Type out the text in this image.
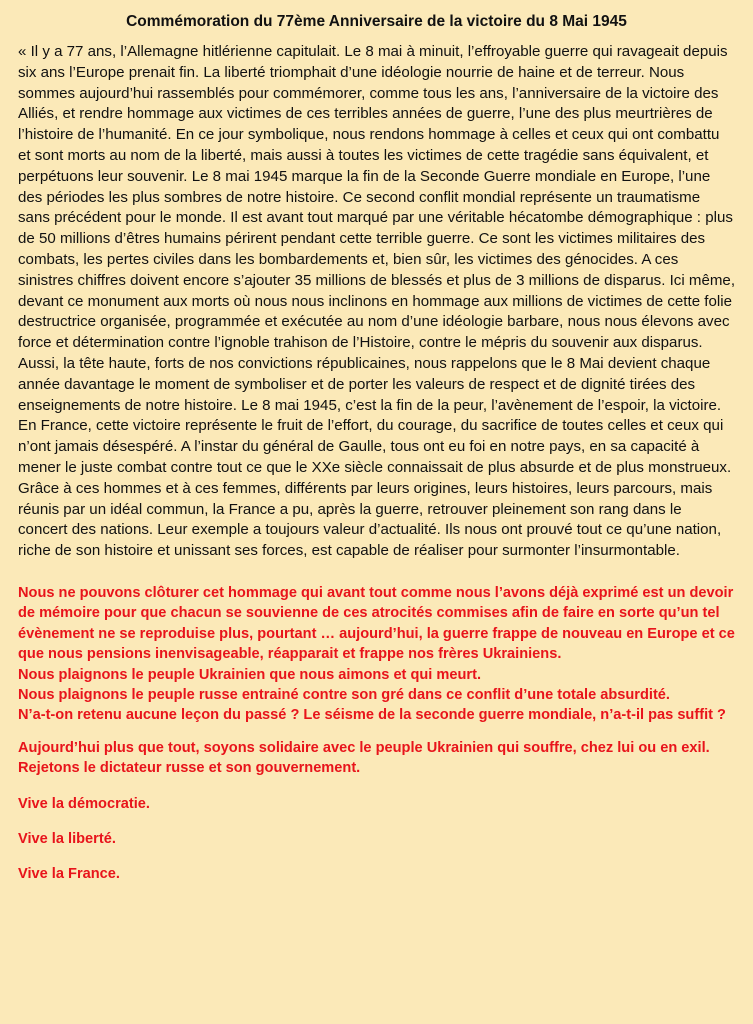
Commémoration du 77ème Anniversaire de la victoire du 8 Mai 1945

« Il y a 77 ans, l’Allemagne hitlérienne capitulait. Le 8 mai à minuit, l’effroyable guerre qui ravageait depuis six ans l’Europe prenait fin. La liberté triomphait d’une idéologie nourrie de haine et de terreur. Nous sommes aujourd’hui rassemblés pour commémorer, comme tous les ans, l’anniversaire de la victoire des Alliés, et rendre hommage aux victimes de ces terribles années de guerre, l’une des plus meurtrières de l’histoire de l’humanité. En ce jour symbolique, nous rendons hommage à celles et ceux qui ont combattu et sont morts au nom de la liberté, mais aussi à toutes les victimes de cette tragédie sans équivalent, et perpétuons leur souvenir. Le 8 mai 1945 marque la fin de la Seconde Guerre mondiale en Europe, l’une des périodes les plus sombres de notre histoire. Ce second conflit mondial représente un traumatisme sans précédent pour le monde. Il est avant tout marqué par une véritable hécatombe démographique : plus de 50 millions d’êtres humains périrent pendant cette terrible guerre. Ce sont les victimes militaires des combats, les pertes civiles dans les bombardements et, bien sûr, les victimes des génocides. A ces sinistres chiffres doivent encore s’ajouter 35 millions de blessés et plus de 3 millions de disparus. Ici même, devant ce monument aux morts où nous nous inclinons en hommage aux millions de victimes de cette folie destructrice organisée, programmée et exécutée au nom d’une idéologie barbare, nous nous élevons avec force et détermination contre l’ignoble trahison de l’Histoire, contre le mépris du souvenir aux disparus.

Aussi, la tête haute, forts de nos convictions républicaines, nous rappelons que le 8 Mai devient chaque année davantage le moment de symboliser et de porter les valeurs de respect et de dignité tirées des enseignements de notre histoire. Le 8 mai 1945, c’est la fin de la peur, l’avènement de l’espoir, la victoire.

En France, cette victoire représente le fruit de l’effort, du courage, du sacrifice de toutes celles et ceux qui n’ont jamais désespéré. A l’instar du général de Gaulle, tous ont eu foi en notre pays, en sa capacité à mener le juste combat contre tout ce que le XXe siècle connaissait de plus absurde et de plus monstrueux. Grâce à ces hommes et à ces femmes, différents par leurs origines, leurs histoires, leurs parcours, mais réunis par un idéal commun, la France a pu, après la guerre, retrouver pleinement son rang dans le concert des nations. Leur exemple a toujours valeur d’actualité. Ils nous ont prouvé tout ce qu’une nation, riche de son histoire et unissant ses forces, est capable de réaliser pour surmonter l’insurmontable.

Nous ne pouvons clôturer cet hommage qui avant tout comme nous l’avons déjà exprimé est un devoir de mémoire pour que chacun se souvienne de ces atrocités commises afin de faire en sorte qu’un tel évènement ne se reproduise plus, pourtant … aujourd’hui, la guerre frappe de nouveau en Europe et ce que nous pensions inenvisageable, réapparait et frappe nos frères Ukrainiens.

Nous plaignons le peuple Ukrainien que nous aimons et qui meurt.

Nous plaignons le peuple russe entrainé contre son gré dans ce conflit d’une totale absurdité.

N’a-t-on retenu aucune leçon du passé ? Le séisme de la seconde guerre mondiale, n’a-t-il pas suffit ?

Aujourd’hui plus que tout, soyons solidaire avec le peuple Ukrainien qui souffre, chez lui ou en exil. Rejetons le dictateur russe et son gouvernement.

Vive la démocratie.

Vive la liberté.

Vive la France.
